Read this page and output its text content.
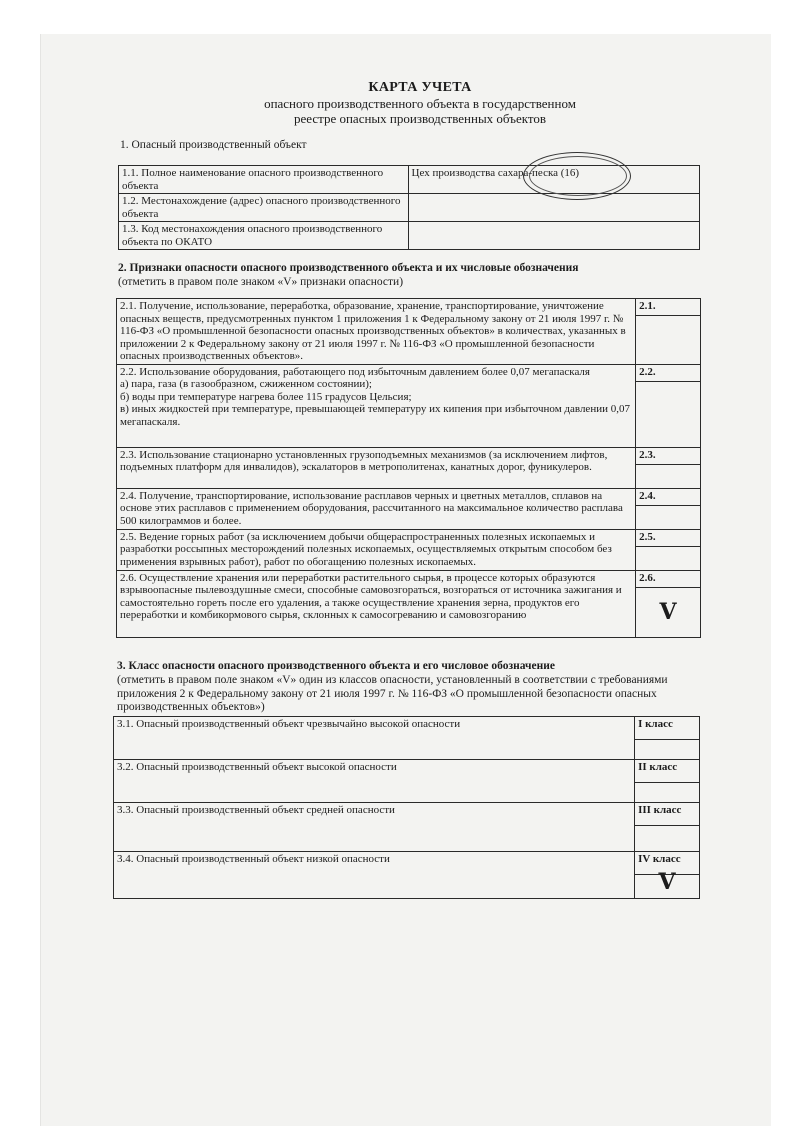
КАРТА УЧЕТА
опасного производственного объекта в государственном
реестре опасных производственных объектов
1. Опасный производственный объект
1.1. Полное наименование опасного производственного объекта	Цех производства сахара-песка (16)
1.2. Местонахождение (адрес) опасного производственного объекта	
1.3. Код местонахождения опасного производственного объекта по ОКАТО	
2. Признаки опасности опасного производственного объекта и их числовые обозначения
(отметить в правом поле знаком «V» признаки опасности)
2.1. Получение, использование, переработка, образование, хранение, транспортирование, уничтожение опасных веществ, предусмотренных пунктом 1 приложения 1 к Федеральному закону от 21 июля 1997 г. № 116-ФЗ «О промышленной безопасности опасных производственных объектов» в количествах, указанных в приложении 2 к Федеральному закону от 21 июля 1997 г. № 116-ФЗ «О промышленной безопасности опасных производственных объектов».	2.1.

2.2. Использование оборудования, работающего под избыточным давлением более 0,07 мегапаскаля
а) пара, газа (в газообразном, сжиженном состоянии);
б) воды при температуре нагрева более 115 градусов Цельсия;
в) иных жидкостей при температуре, превышающей температуру их кипения при избыточном давлении 0,07 мегапаскаля.	2.2.

2.3. Использование стационарно установленных грузоподъемных механизмов (за исключением лифтов, подъемных платформ для инвалидов), эскалаторов в метрополитенах, канатных дорог, фуникулеров.	2.3.

2.4. Получение, транспортирование, использование расплавов черных и цветных металлов, сплавов на основе этих расплавов с применением оборудования, рассчитанного на максимальное количество расплава 500 килограммов и более.	2.4.

2.5. Ведение горных работ (за исключением добычи общераспространенных полезных ископаемых и разработки россыпных месторождений полезных ископаемых, осуществляемых открытым способом без применения взрывных работ), работ по обогащению полезных ископаемых.	2.5.

2.6. Осуществление хранения или переработки растительного сырья, в процессе которых образуются взрывоопасные пылевоздушные смеси, способные самовозгораться, возгораться от источника зажигания и самостоятельно гореть после его удаления, а также осуществление хранения зерна, продуктов его переработки и комбикормового сырья, склонных к самосогреванию и самовозгоранию	2.6.
	V
3. Класс опасности опасного производственного объекта и его числовое обозначение
(отметить в правом поле знаком «V» один из классов опасности, установленный в соответствии с требованиями приложения 2 к Федеральному закону от 21 июля 1997 г. № 116-ФЗ «О промышленной безопасности опасных производственных объектов»)
3.1. Опасный производственный объект чрезвычайно высокой опасности	I класс

3.2. Опасный производственный объект высокой опасности	II класс

3.3. Опасный производственный объект средней опасности	III класс

3.4. Опасный производственный объект низкой опасности	IV класс
	V
